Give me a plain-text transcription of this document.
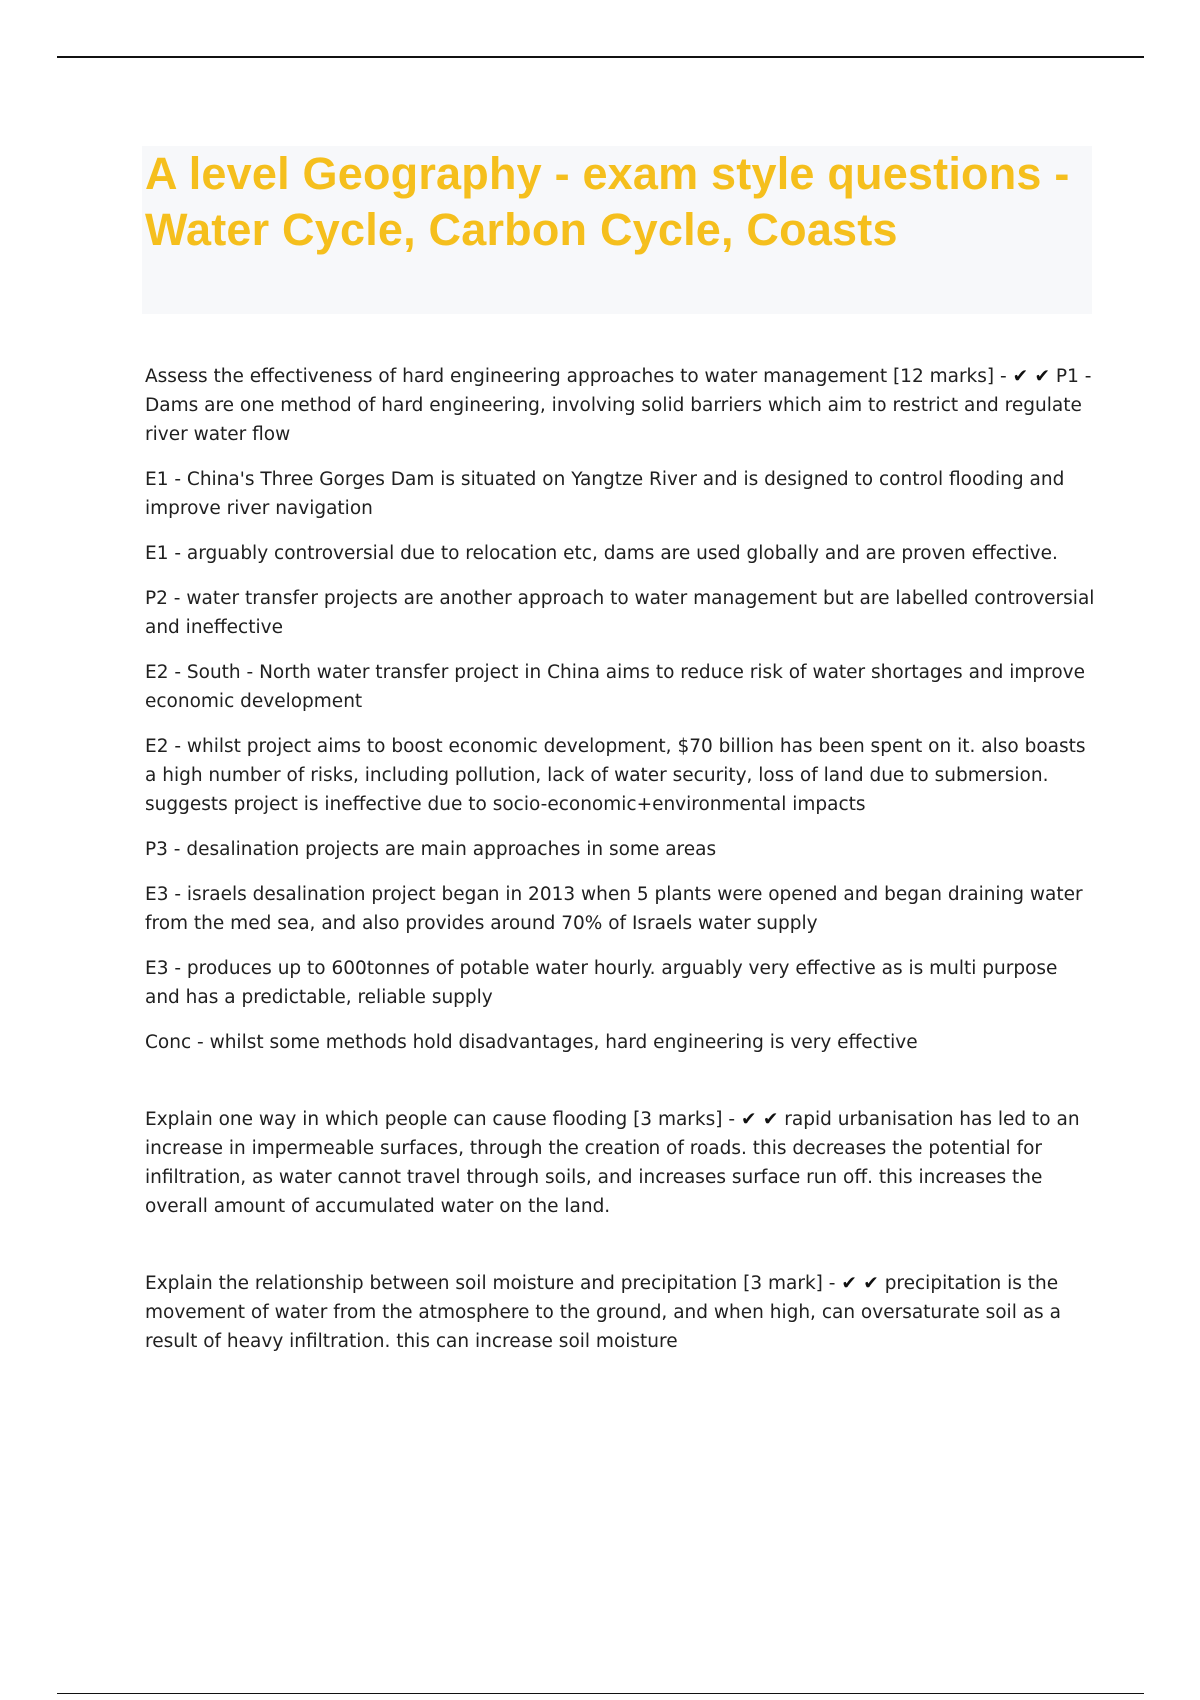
A level Geography - exam style questions - Water Cycle, Carbon Cycle, Coasts

Assess the effectiveness of hard engineering approaches to water management [12 marks] - ✔ ✔ P1 - Dams are one method of hard engineering, involving solid barriers which aim to restrict and regulate river water flow

E1 - China's Three Gorges Dam is situated on Yangtze River and is designed to control flooding and improve river navigation

E1 - arguably controversial due to relocation etc, dams are used globally and are proven effective.

P2 - water transfer projects are another approach to water management but are labelled controversial and ineffective

E2 - South - North water transfer project in China aims to reduce risk of water shortages and improve economic development

E2 - whilst project aims to boost economic development, $70 billion has been spent on it. also boasts a high number of risks, including pollution, lack of water security, loss of land due to submersion. suggests project is ineffective due to socio-economic+environmental impacts

P3 - desalination projects are main approaches in some areas

E3 - israels desalination project began in 2013 when 5 plants were opened and began draining water from the med sea, and also provides around 70% of Israels water supply

E3 - produces up to 600tonnes of potable water hourly. arguably very effective as is multi purpose and has a predictable, reliable supply

Conc - whilst some methods hold disadvantages, hard engineering is very effective

Explain one way in which people can cause flooding [3 marks] - ✔ ✔ rapid urbanisation has led to an increase in impermeable surfaces, through the creation of roads. this decreases the potential for infiltration, as water cannot travel through soils, and increases surface run off. this increases the overall amount of accumulated water on the land.

Explain the relationship between soil moisture and precipitation [3 mark] - ✔ ✔ precipitation is the movement of water from the atmosphere to the ground, and when high, can oversaturate soil as a result of heavy infiltration. this can increase soil moisture
